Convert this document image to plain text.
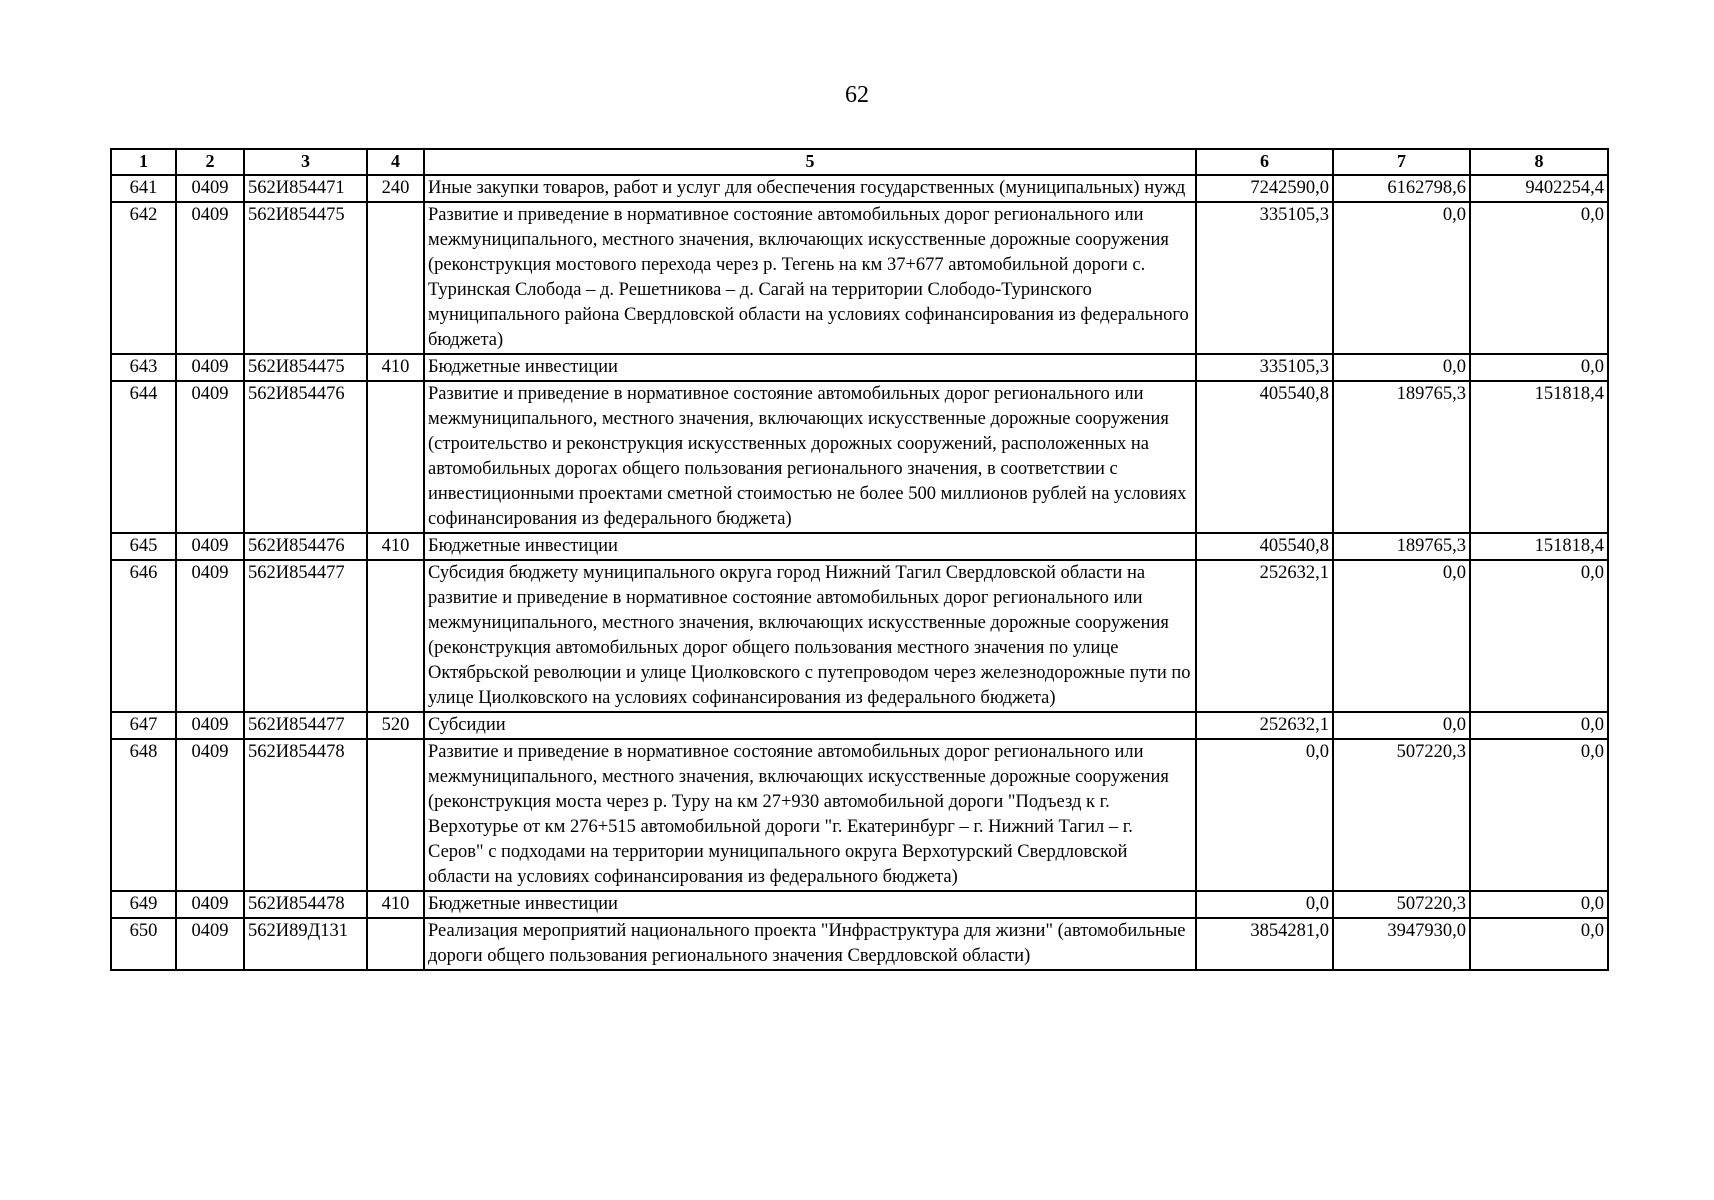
62
1	2	3	4	5	6	7	8
641	0409	562И854471	240	Иные закупки товаров, работ и услуг для обеспечения государственных (муниципальных) нужд	7242590,0	6162798,6	9402254,4
642	0409	562И854475		Развитие и приведение в нормативное состояние автомобильных дорог регионального или межмуниципального, местного значения, включающих искусственные дорожные сооружения (реконструкция мостового перехода через р. Тегень на км 37+677 автомобильной дороги с. Туринская Слобода – д. Решетникова – д. Сагай на территории Слободо-Туринского муниципального района Свердловской области на условиях софинансирования из федерального бюджета)	335105,3	0,0	0,0
643	0409	562И854475	410	Бюджетные инвестиции	335105,3	0,0	0,0
644	0409	562И854476		Развитие и приведение в нормативное состояние автомобильных дорог регионального или межмуниципального, местного значения, включающих искусственные дорожные сооружения (строительство и реконструкция искусственных дорожных сооружений, расположенных на автомобильных дорогах общего пользования регионального значения, в соответствии с инвестиционными проектами сметной стоимостью не более 500 миллионов рублей на условиях софинансирования из федерального бюджета)	405540,8	189765,3	151818,4
645	0409	562И854476	410	Бюджетные инвестиции	405540,8	189765,3	151818,4
646	0409	562И854477		Субсидия бюджету муниципального округа город Нижний Тагил Свердловской области на развитие и приведение в нормативное состояние автомобильных дорог регионального или межмуниципального, местного значения, включающих искусственные дорожные сооружения (реконструкция автомобильных дорог общего пользования местного значения по улице Октябрьской революции и улице Циолковского с путепроводом через железнодорожные пути по улице Циолковского на условиях софинансирования из федерального бюджета)	252632,1	0,0	0,0
647	0409	562И854477	520	Субсидии	252632,1	0,0	0,0
648	0409	562И854478		Развитие и приведение в нормативное состояние автомобильных дорог регионального или межмуниципального, местного значения, включающих искусственные дорожные сооружения (реконструкция моста через р. Туру на км 27+930 автомобильной дороги "Подъезд к г. Верхотурье от км 276+515 автомобильной дороги "г. Екатеринбург – г. Нижний Тагил – г. Серов" с подходами на территории муниципального округа Верхотурский Свердловской области на условиях софинансирования из федерального бюджета)	0,0	507220,3	0,0
649	0409	562И854478	410	Бюджетные инвестиции	0,0	507220,3	0,0
650	0409	562И89Д131		Реализация мероприятий национального проекта "Инфраструктура для жизни" (автомобильные дороги общего пользования регионального значения Свердловской области)	3854281,0	3947930,0	0,0
